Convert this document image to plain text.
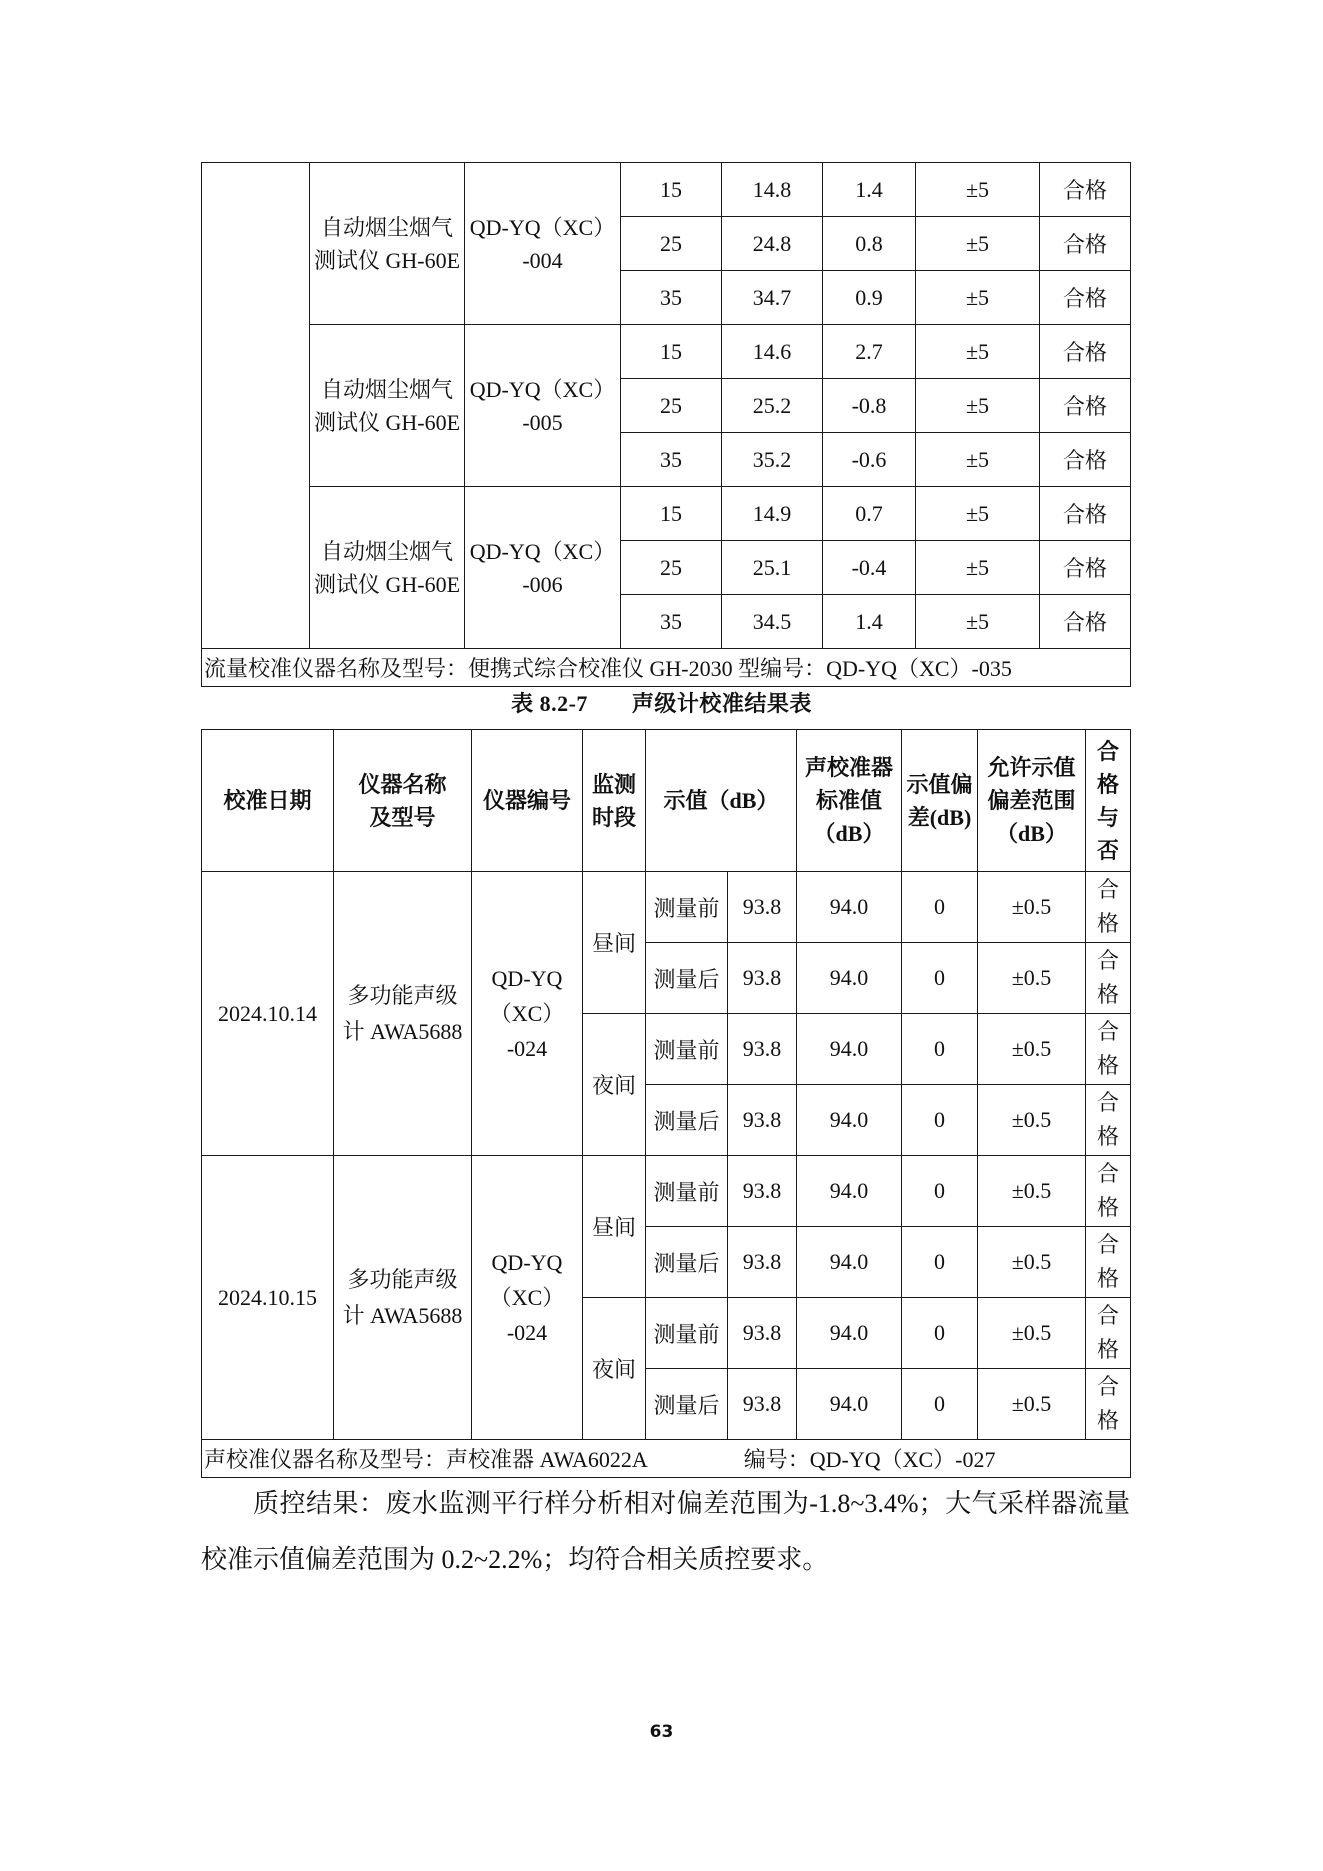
	自动烟尘烟气
测试仪 GH-60E	QD-YQ（XC）
-004	15	14.8	1.4	±5	合格
			25	24.8	0.8	±5	合格
			35	34.7	0.9	±5	合格
	自动烟尘烟气
测试仪 GH-60E	QD-YQ（XC）
-005	15	14.6	2.7	±5	合格
			25	25.2	-0.8	±5	合格
			35	35.2	-0.6	±5	合格
	自动烟尘烟气
测试仪 GH-60E	QD-YQ（XC）
-006	15	14.9	0.7	±5	合格
			25	25.1	-0.4	±5	合格
			35	34.5	1.4	±5	合格
流量校准仪器名称及型号：便携式综合校准仪 GH-2030 型编号：QD-YQ（XC）-035							
表 8.2-7 声级计校准结果表
校准日期	仪器名称
及型号	仪器编号	监测
时段	示值（dB）		声校准器
标准值
（dB）	示值偏
差(dB)	允许示值
偏差范围
（dB）	合
格
与
否
2024.10.14	多功能声级
计 AWA5688	QD-YQ
（XC）
-024	昼间	测量前	93.8	94.0	0	±0.5	合
格
				测量后	93.8	94.0	0	±0.5	合
格
			夜间	测量前	93.8	94.0	0	±0.5	合
格
				测量后	93.8	94.0	0	±0.5	合
格
2024.10.15	多功能声级
计 AWA5688	QD-YQ
（XC）
-024	昼间	测量前	93.8	94.0	0	±0.5	合
格
				测量后	93.8	94.0	0	±0.5	合
格
			夜间	测量前	93.8	94.0	0	±0.5	合
格
				测量后	93.8	94.0	0	±0.5	合
格
声校准仪器名称及型号：声校准器 AWA6022A 编号：QD-YQ（XC）-027									
质控结果：废水监测平行样分析相对偏差范围为-1.8~3.4%；大气采样器流量校准示值偏差范围为 0.2~2.2%；均符合相关质控要求。
63
